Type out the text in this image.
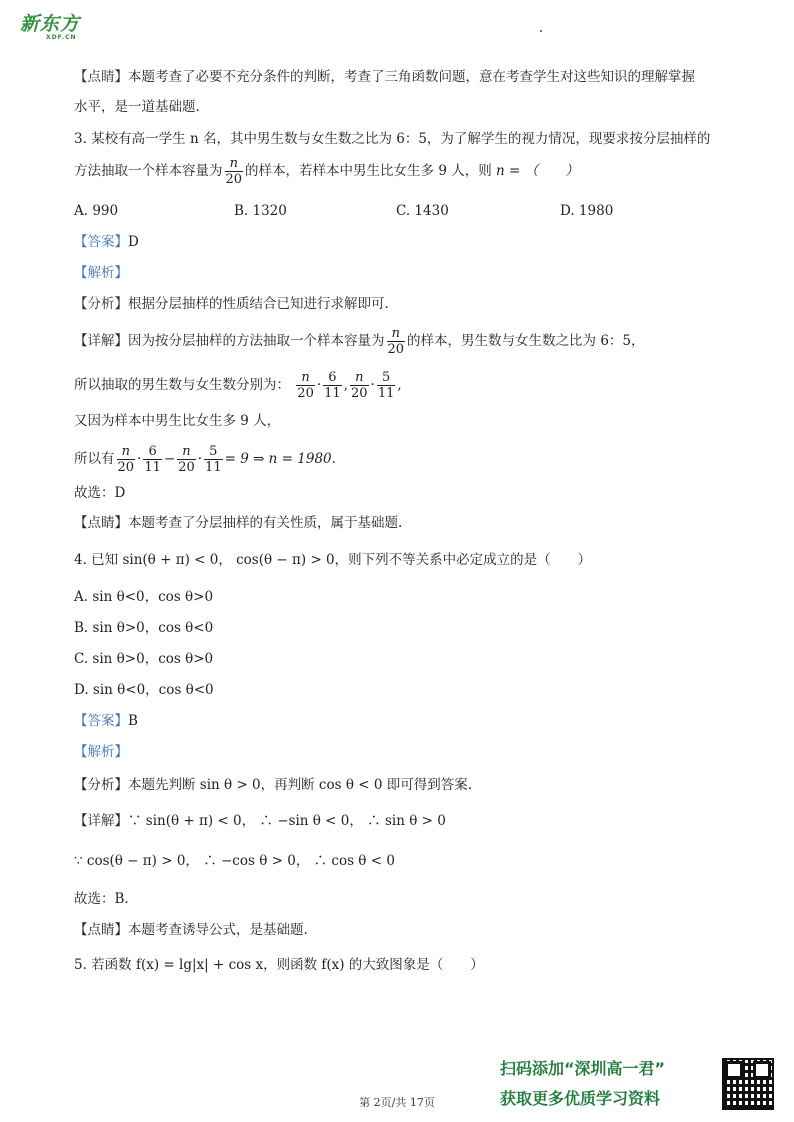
新东方
XDF.CN
【点睛】本题考查了必要不充分条件的判断，考查了三角函数问题，意在考查学生对这些知识的理解掌握
水平，是一道基础题.
3. 某校有高一学生 n 名，其中男生数与女生数之比为 6：5，为了解学生的视力情况，现要求按分层抽样的
方法抽取一个样本容量为 $\frac{n}{20}$ 的样本，若样本中男生比女生多 9 人，则 n = （　　）
A. 990	B. 1320	C. 1430	D. 1980
【答案】D
【解析】
【分析】根据分层抽样的性质结合已知进行求解即可.
【详解】因为按分层抽样的方法抽取一个样本容量为 $\frac{n}{20}$ 的样本，男生数与女生数之比为 6：5，
所以抽取的男生数与女生数分别为： $\frac{n}{20} \cdot \frac{6}{11}$ , $\frac{n}{20} \cdot \frac{5}{11}$ ,
又因为样本中男生比女生多 9 人，
所以有 $\frac{n}{20} \cdot \frac{6}{11} - \frac{n}{20} \cdot \frac{5}{11} = 9$ ⇒ n = 1980.
故选：D
【点睛】本题考查了分层抽样的有关性质，属于基础题.
4. 已知 sin(θ + π) < 0， cos(θ − π) > 0，则下列不等关系中必定成立的是（　　）
A. sin θ<0，cos θ>0
B. sin θ>0，cos θ<0
C. sin θ>0，cos θ>0
D. sin θ<0，cos θ<0
【答案】B
【解析】
【分析】本题先判断 sin θ > 0，再判断 cos θ < 0 即可得到答案.
【详解】∵ sin(θ + π) < 0， ∴ −sin θ < 0， ∴ sin θ > 0
∵ cos(θ − π) > 0， ∴ −cos θ > 0， ∴ cos θ < 0
故选：B.
【点睛】本题考查诱导公式，是基础题.
5. 若函数 f(x) = lg|x| + cos x，则函数 f(x) 的大致图象是（　　）
扫码添加“深圳高一君”
获取更多优质学习资料
第 2页/共 17页
